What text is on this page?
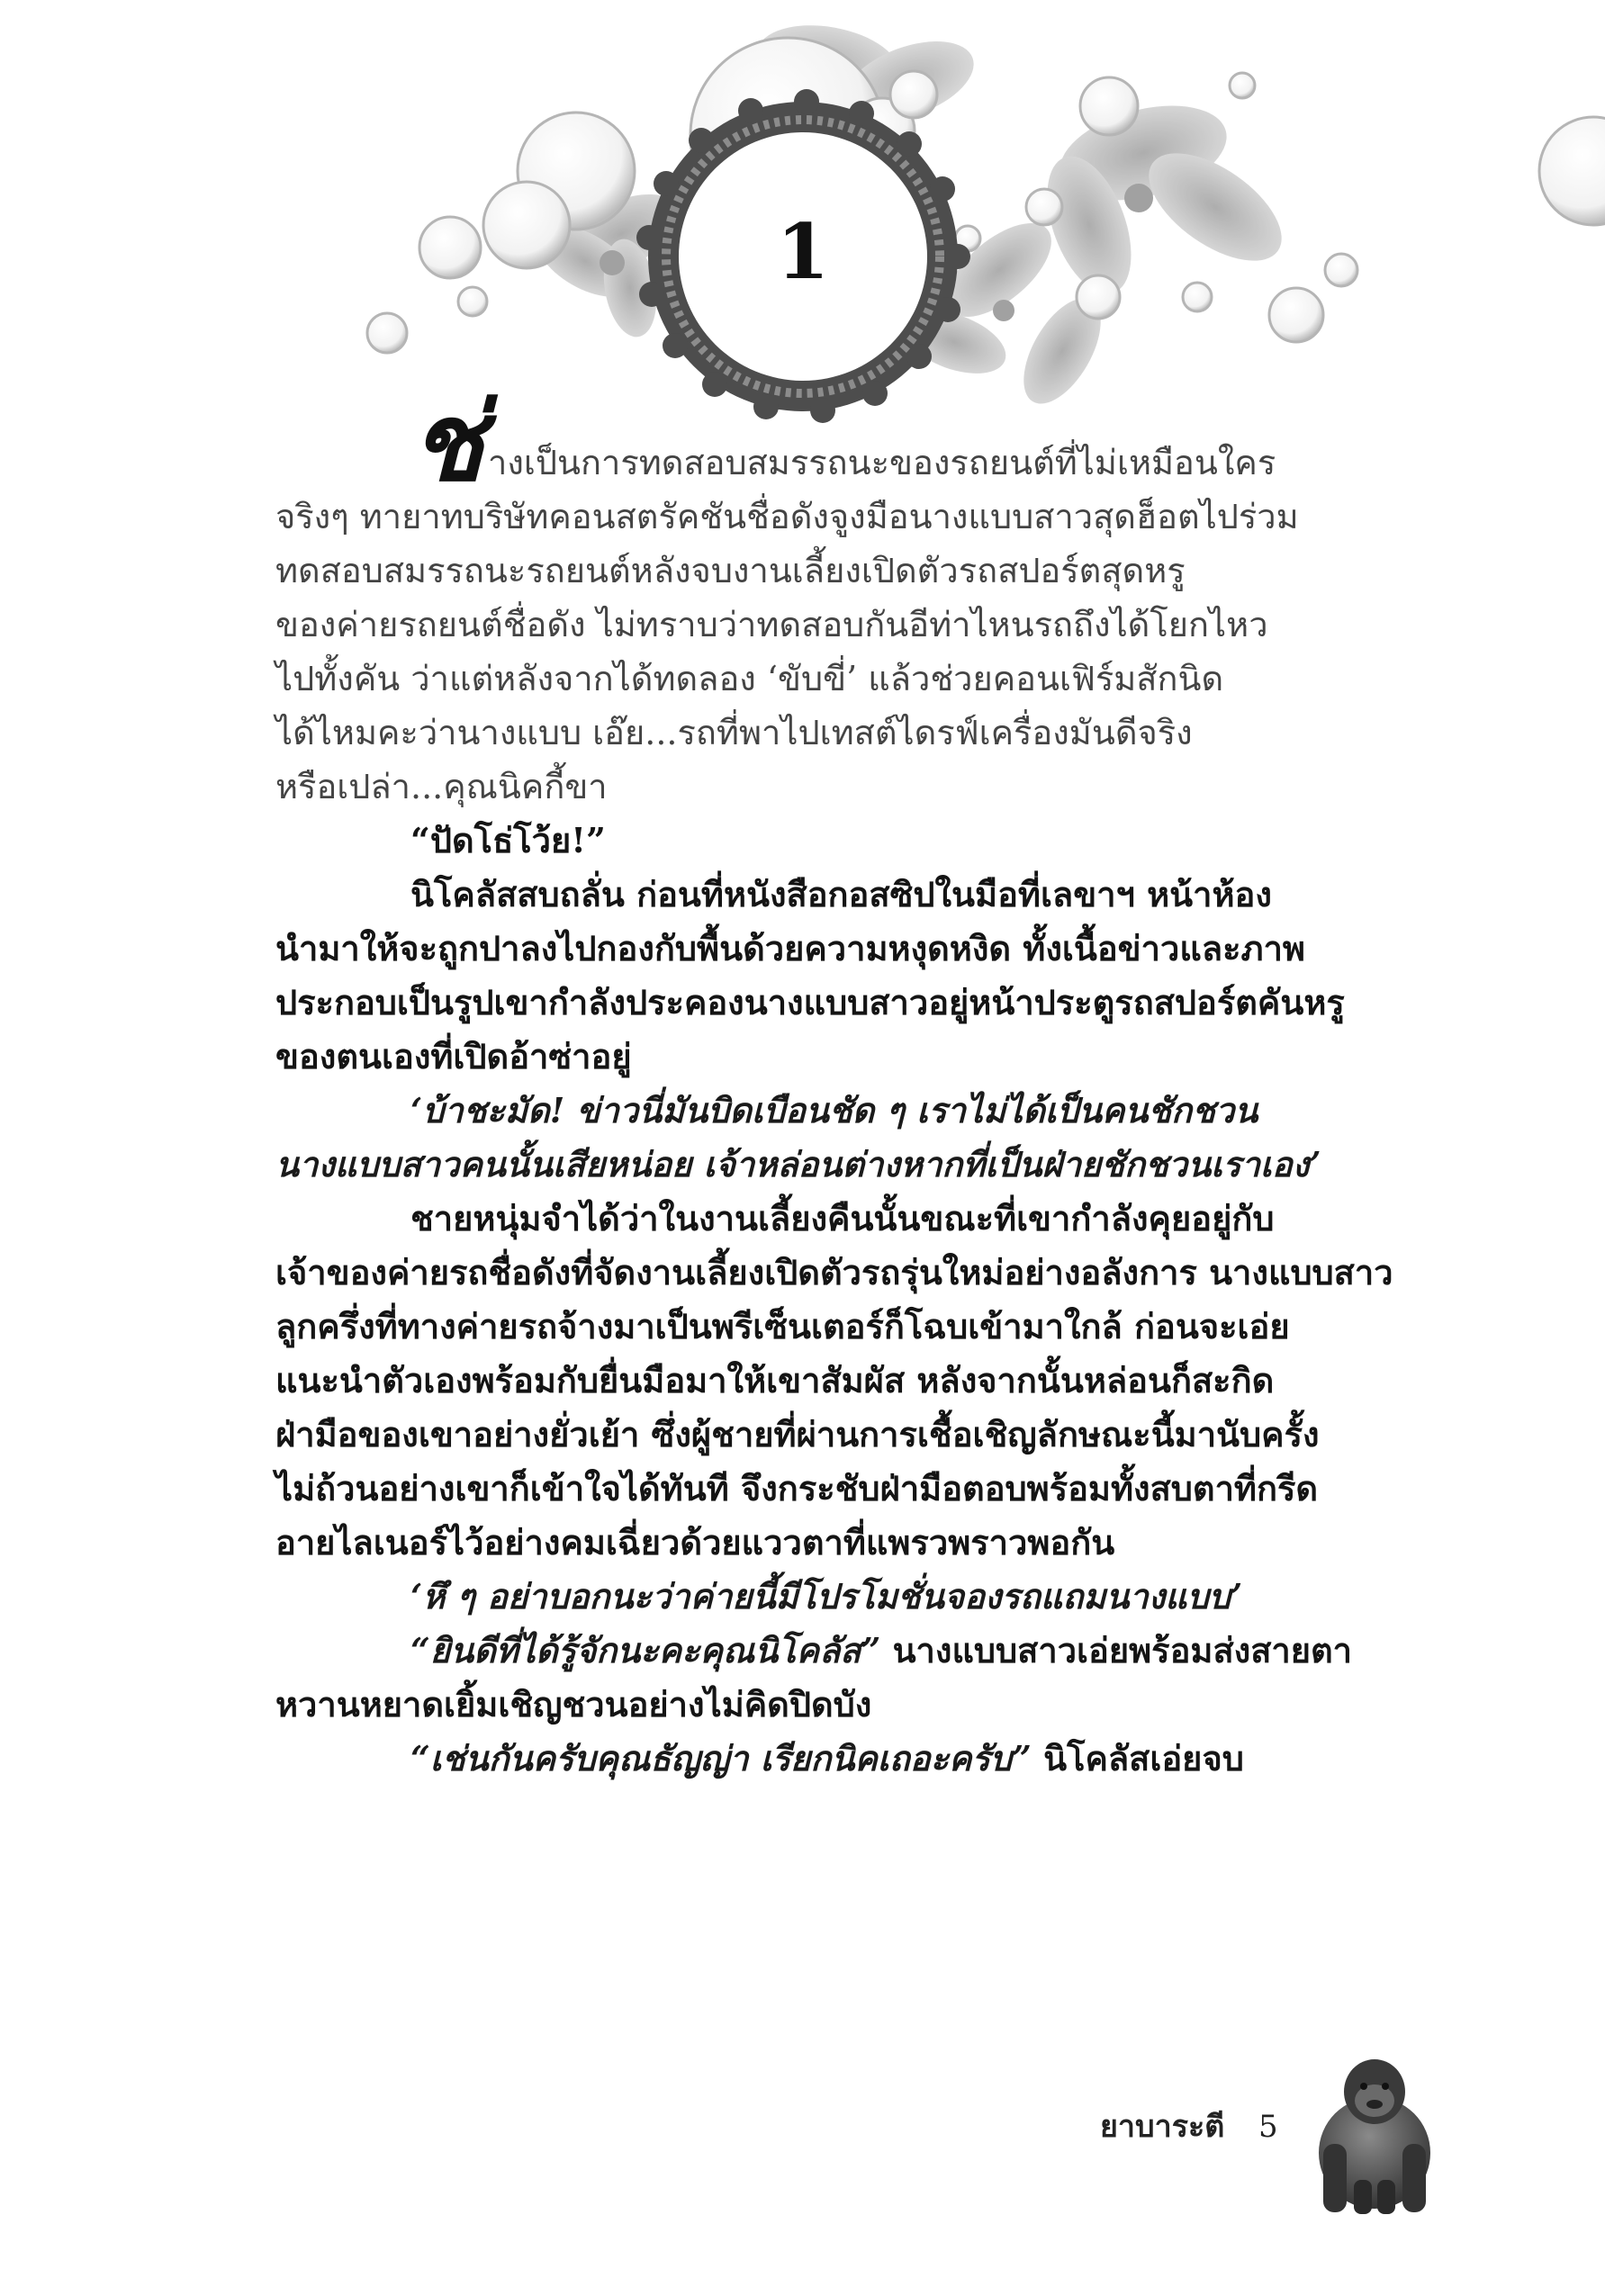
1
ช่ างเป็นการทดสอบสมรรถนะของรถยนต์ที่ไม่เหมือนใคร
จริงๆ ทายาทบริษัทคอนสตรัคชันชื่อดังจูงมือนางแบบสาวสุดฮ็อตไปร่วม
ทดสอบสมรรถนะรถยนต์หลังจบงานเลี้ยงเปิดตัวรถสปอร์ตสุดหรู
ของค่ายรถยนต์ชื่อดัง ไม่ทราบว่าทดสอบกันอีท่าไหนรถถึงได้โยกไหว
ไปทั้งคัน ว่าแต่หลังจากได้ทดลอง ‘ขับขี่’ แล้วช่วยคอนเฟิร์มสักนิด
ได้ไหมคะว่านางแบบ เอ๊ย...รถที่พาไปเทสต์ไดรฟ์เครื่องมันดีจริง
หรือเปล่า...คุณนิคกี้ขา
“ปัดโธ่โว้ย!”
นิโคลัสสบถลั่น ก่อนที่หนังสือกอสซิปในมือที่เลขาฯ หน้าห้อง
นำมาให้จะถูกปาลงไปกองกับพื้นด้วยความหงุดหงิด ทั้งเนื้อข่าวและภาพ
ประกอบเป็นรูปเขากำลังประคองนางแบบสาวอยู่หน้าประตูรถสปอร์ตคันหรู
ของตนเองที่เปิดอ้าซ่าอยู่
‘บ้าชะมัด! ข่าวนี่มันบิดเบือนชัด ๆ เราไม่ได้เป็นคนชักชวน
นางแบบสาวคนนั้นเสียหน่อย เจ้าหล่อนต่างหากที่เป็นฝ่ายชักชวนเราเอง’
ชายหนุ่มจำได้ว่าในงานเลี้ยงคืนนั้นขณะที่เขากำลังคุยอยู่กับ
เจ้าของค่ายรถชื่อดังที่จัดงานเลี้ยงเปิดตัวรถรุ่นใหม่อย่างอลังการ นางแบบสาว
ลูกครึ่งที่ทางค่ายรถจ้างมาเป็นพรีเซ็นเตอร์ก็โฉบเข้ามาใกล้ ก่อนจะเอ่ย
แนะนำตัวเองพร้อมกับยื่นมือมาให้เขาสัมผัส หลังจากนั้นหล่อนก็สะกิด
ฝ่ามือของเขาอย่างยั่วเย้า ซึ่งผู้ชายที่ผ่านการเชื้อเชิญลักษณะนี้มานับครั้ง
ไม่ถ้วนอย่างเขาก็เข้าใจได้ทันที จึงกระชับฝ่ามือตอบพร้อมทั้งสบตาที่กรีด
อายไลเนอร์ไว้อย่างคมเฉี่ยวด้วยแววตาที่แพรวพราวพอกัน
‘หึ ๆ อย่าบอกนะว่าค่ายนี้มีโปรโมชั่นจองรถแถมนางแบบ’
“ยินดีที่ได้รู้จักนะคะคุณนิโคลัส” นางแบบสาวเอ่ยพร้อมส่งสายตา
หวานหยาดเยิ้มเชิญชวนอย่างไม่คิดปิดบัง
“เช่นกันครับคุณธัญญ่า เรียกนิคเถอะครับ” นิโคลัสเอ่ยจบ
ยาบาระตี 5
